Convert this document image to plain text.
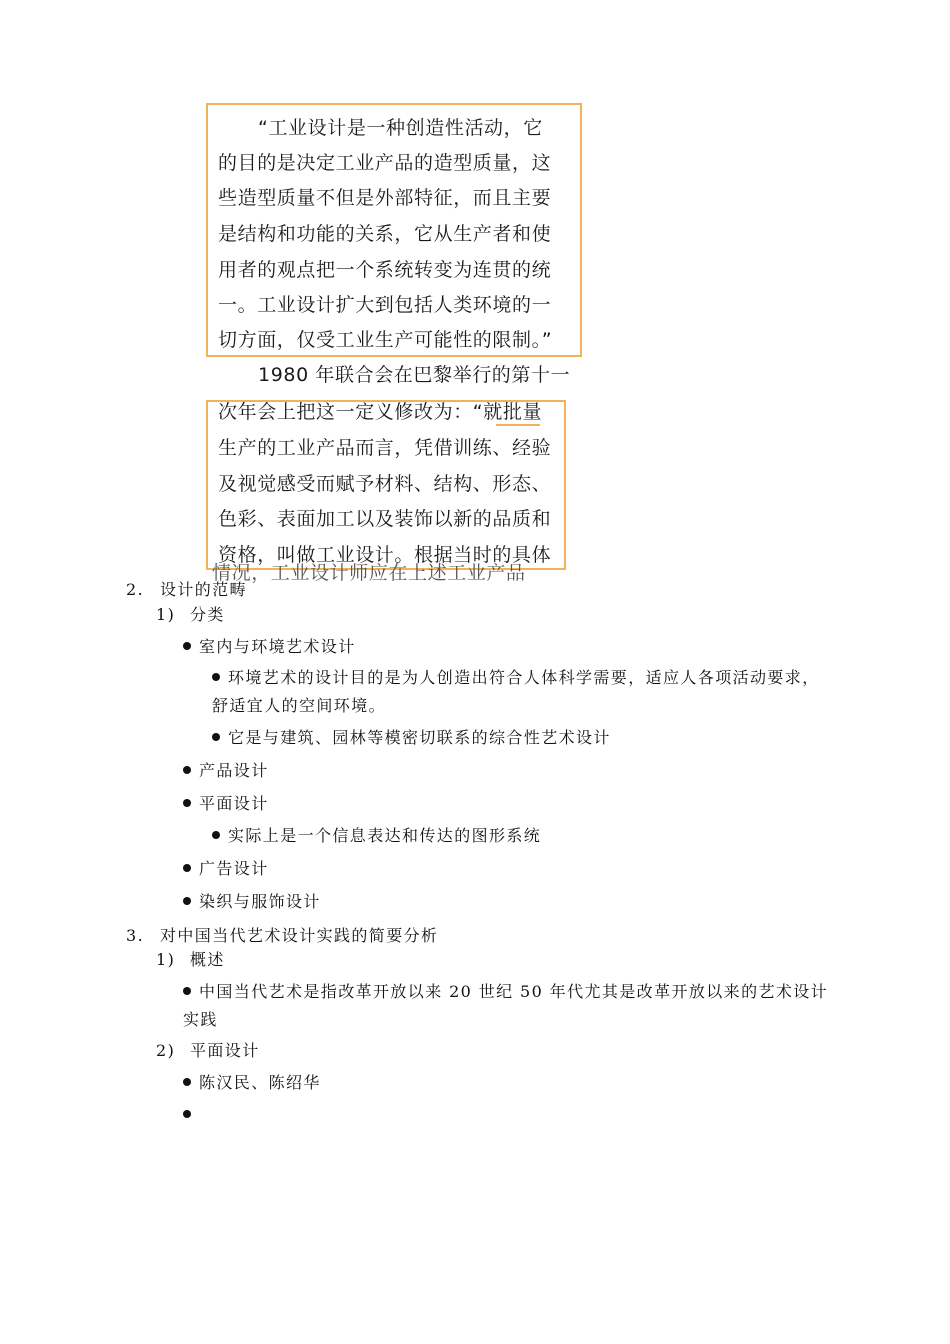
“工业设计是一种创造性活动，它
的目的是决定工业产品的造型质量，这
些造型质量不但是外部特征，而且主要
是结构和功能的关系，它从生产者和使
用者的观点把一个系统转变为连贯的统
一。工业设计扩大到包括人类环境的一
切方面，仅受工业生产可能性的限制。”
1980 年联合会在巴黎举行的第十一
次年会上把这一定义修改为：“就批量
生产的工业产品而言，凭借训练、经验
及视觉感受而赋予材料、结构、形态、
色彩、表面加工以及装饰以新的品质和
资格，叫做工业设计。根据当时的具体
情况，工业设计师应在上述工业产品
2. 设计的范畴
1) 分类
室内与环境艺术设计
环境艺术的设计目的是为人创造出符合人体科学需要，适应人各项活动要求，舒适宜人的空间环境。
它是与建筑、园林等模密切联系的综合性艺术设计
产品设计
平面设计
实际上是一个信息表达和传达的图形系统
广告设计
染织与服饰设计
3. 对中国当代艺术设计实践的简要分析
1) 概述
中国当代艺术是指改革开放以来 20 世纪 50 年代尤其是改革开放以来的艺术设计实践
2) 平面设计
陈汉民、陈绍华
